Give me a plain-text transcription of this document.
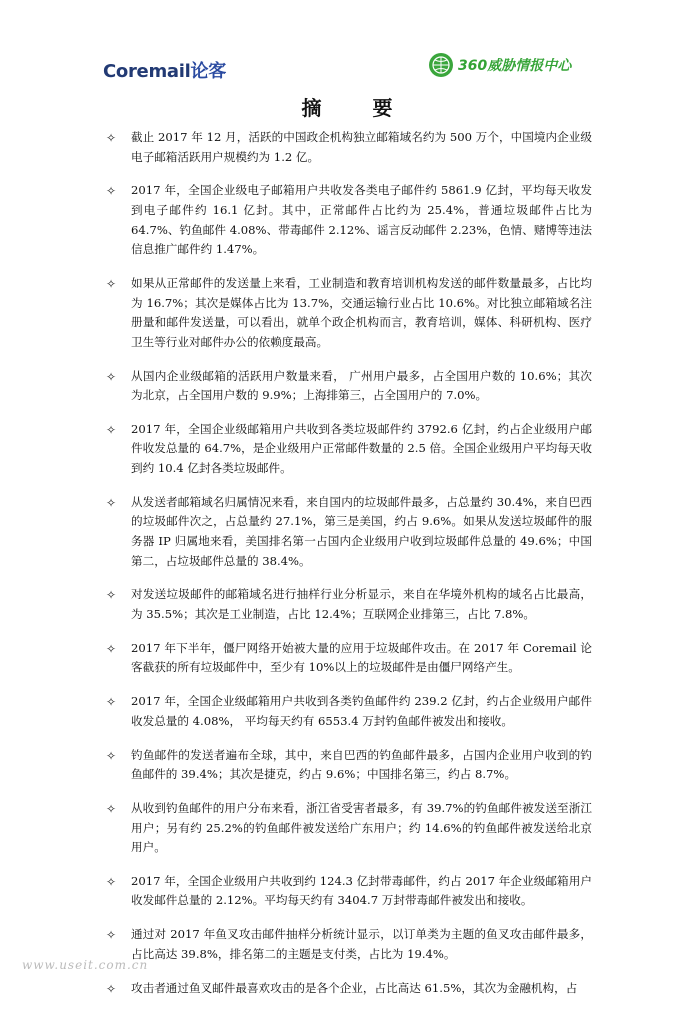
Coremail论客	360威胁情报中心
摘 要
✧	截止 2017 年 12 月，活跃的中国政企机构独立邮箱域名约为 500 万个，中国境内企业级电子邮箱活跃用户规模约为 1.2 亿。
✧	2017 年，全国企业级电子邮箱用户共收发各类电子邮件约 5861.9 亿封，平均每天收发到电子邮件约 16.1 亿封。其中，正常邮件占比约为 25.4%，普通垃圾邮件占比为 64.7%、钓鱼邮件 4.08%、带毒邮件 2.12%、谣言反动邮件 2.23%，色情、赌博等违法信息推广邮件约 1.47%。
✧	如果从正常邮件的发送量上来看，工业制造和教育培训机构发送的邮件数量最多，占比均为 16.7%；其次是媒体占比为 13.7%，交通运输行业占比 10.6%。对比独立邮箱域名注册量和邮件发送量，可以看出，就单个政企机构而言，教育培训，媒体、科研机构、医疗卫生等行业对邮件办公的依赖度最高。
✧	从国内企业级邮箱的活跃用户数量来看， 广州用户最多，占全国用户数的 10.6%；其次为北京，占全国用户数的 9.9%；上海排第三，占全国用户的 7.0%。
✧	2017 年，全国企业级邮箱用户共收到各类垃圾邮件约 3792.6 亿封，约占企业级用户邮件收发总量的 64.7%，是企业级用户正常邮件数量的 2.5 倍。全国企业级用户平均每天收到约 10.4 亿封各类垃圾邮件。
✧	从发送者邮箱域名归属情况来看，来自国内的垃圾邮件最多，占总量约 30.4%，来自巴西的垃圾邮件次之，占总量约 27.1%，第三是美国，约占 9.6%。如果从发送垃圾邮件的服务器 IP 归属地来看，美国排名第一占国内企业级用户收到垃圾邮件总量的 49.6%；中国第二，占垃圾邮件总量的 38.4%。
✧	对发送垃圾邮件的邮箱域名进行抽样行业分析显示，来自在华境外机构的域名占比最高，为 35.5%；其次是工业制造，占比 12.4%；互联网企业排第三，占比 7.8%。
✧	2017 年下半年，僵尸网络开始被大量的应用于垃圾邮件攻击。在 2017 年 Coremail 论客截获的所有垃圾邮件中，至少有 10%以上的垃圾邮件是由僵尸网络产生。
✧	2017 年，全国企业级邮箱用户共收到各类钓鱼邮件约 239.2 亿封，约占企业级用户邮件收发总量的 4.08%， 平均每天约有 6553.4 万封钓鱼邮件被发出和接收。
✧	钓鱼邮件的发送者遍布全球，其中，来自巴西的钓鱼邮件最多，占国内企业用户收到的钓鱼邮件的 39.4%；其次是捷克，约占 9.6%；中国排名第三，约占 8.7%。
✧	从收到钓鱼邮件的用户分布来看，浙江省受害者最多，有 39.7%的钓鱼邮件被发送至浙江用户；另有约 25.2%的钓鱼邮件被发送给广东用户；约 14.6%的钓鱼邮件被发送给北京用户。
✧	2017 年，全国企业级用户共收到约 124.3 亿封带毒邮件，约占 2017 年企业级邮箱用户收发邮件总量的 2.12%。平均每天约有 3404.7 万封带毒邮件被发出和接收。
✧	通过对 2017 年鱼叉攻击邮件抽样分析统计显示，以订单类为主题的鱼叉攻击邮件最多，占比高达 39.8%，排名第二的主题是支付类，占比为 19.4%。
✧	攻击者通过鱼叉邮件最喜欢攻击的是各个企业，占比高达 61.5%，其次为金融机构，占
www.useit.com.cn
